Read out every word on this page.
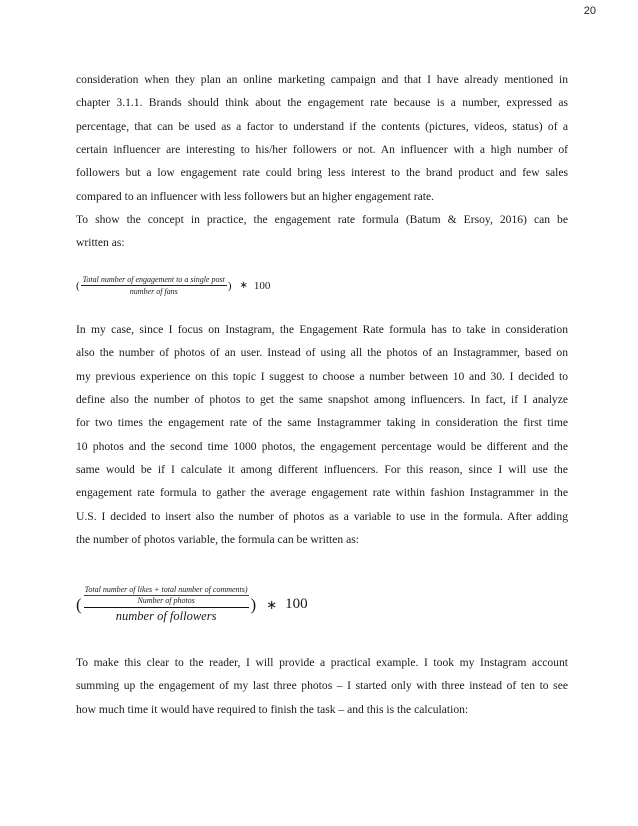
20

consideration when they plan an online marketing campaign and that I have already mentioned in
chapter 3.1.1. Brands should think about the engagement rate because is a number, expressed as
percentage, that can be used as a factor to understand if the contents (pictures, videos, status) of a
certain influencer are interesting to his/her followers or not. An influencer with a high number of
followers but a low engagement rate could bring less interest to the brand product and few sales
compared to an influencer with less followers but an higher engagement rate.
To show the concept in practice, the engagement rate formula (Batum & Ersoy, 2016) can be
written as:

( $\frac{\text{Total number of engagement to a single post}}{\text{number of fans}}$ ) ∗ 100

In my case, since I focus on Instagram, the Engagement Rate formula has to take in consideration
also the number of photos of an user. Instead of using all the photos of an Instagrammer, based on
my previous experience on this topic I suggest to choose a number between 10 and 30. I decided to
define also the number of photos to get the same snapshot among influencers. In fact, if I analyze
for two times the engagement rate of the same Instagrammer taking in consideration the first time
10 photos and the second time 1000 photos, the engagement percentage would be different and the
same would be if I calculate it among different influencers. For this reason, since I will use the
engagement rate formula to gather the average engagement rate within fashion Instagrammer in the
U.S. I decided to insert also the number of photos as a variable to use in the formula. After adding
the number of photos variable, the formula can be written as:

( $\frac{\text{Total number of likes + total number of comments)}}{\text{Number of photos}}$
number of followers
) ∗ 100

To make this clear to the reader, I will provide a practical example. I took my Instagram account
summing up the engagement of my last three photos – I started only with three instead of ten to see
how much time it would have required to finish the task – and this is the calculation:
